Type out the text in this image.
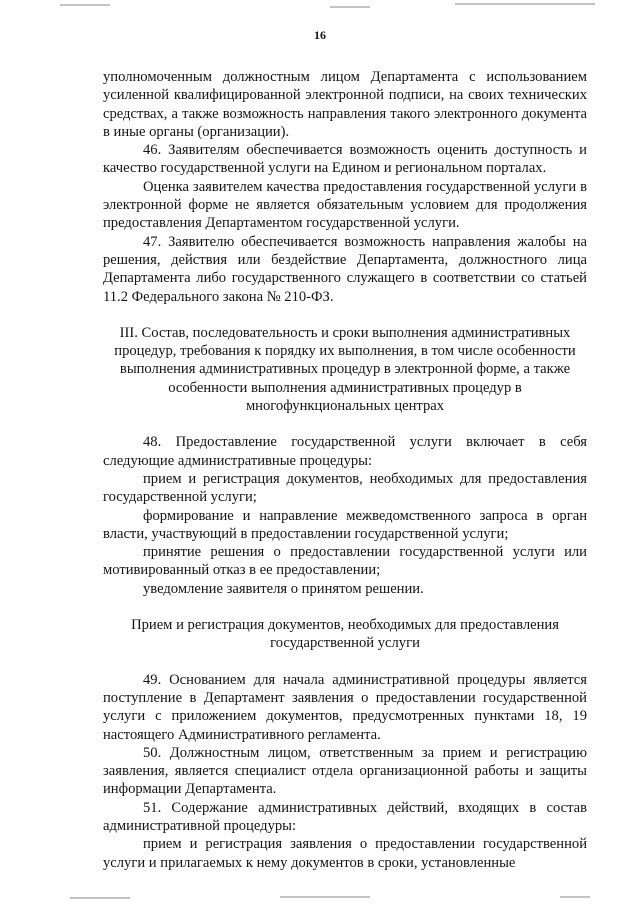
16

уполномоченным должностным лицом Департамента с использованием усиленной квалифицированной электронной подписи, на своих технических средствах, а также возможность направления такого электронного документа в иные органы (организации).

46. Заявителям обеспечивается возможность оценить доступность и качество государственной услуги на Едином и региональном порталах.

Оценка заявителем качества предоставления государственной услуги в электронной форме не является обязательным условием для продолжения предоставления Департаментом государственной услуги.

47. Заявителю обеспечивается возможность направления жалобы на решения, действия или бездействие Департамента, должностного лица Департамента либо государственного служащего в соответствии со статьей 11.2 Федерального закона № 210-ФЗ.

III. Состав, последовательность и сроки выполнения административных процедур, требования к порядку их выполнения, в том числе особенности выполнения административных процедур в электронной форме, а также особенности выполнения административных процедур в многофункциональных центрах

48. Предоставление государственной услуги включает в себя следующие административные процедуры:

прием и регистрация документов, необходимых для предоставления государственной услуги;

формирование и направление межведомственного запроса в орган власти, участвующий в предоставлении государственной услуги;

принятие решения о предоставлении государственной услуги или мотивированный отказ в ее предоставлении;

уведомление заявителя о принятом решении.

Прием и регистрация документов, необходимых для предоставления государственной услуги

49. Основанием для начала административной процедуры является поступление в Департамент заявления о предоставлении государственной услуги с приложением документов, предусмотренных пунктами 18, 19 настоящего Административного регламента.

50. Должностным лицом, ответственным за прием и регистрацию заявления, является специалист отдела организационной работы и защиты информации Департамента.

51. Содержание административных действий, входящих в состав административной процедуры:

прием и регистрация заявления о предоставлении государственной услуги и прилагаемых к нему документов в сроки, установленные
